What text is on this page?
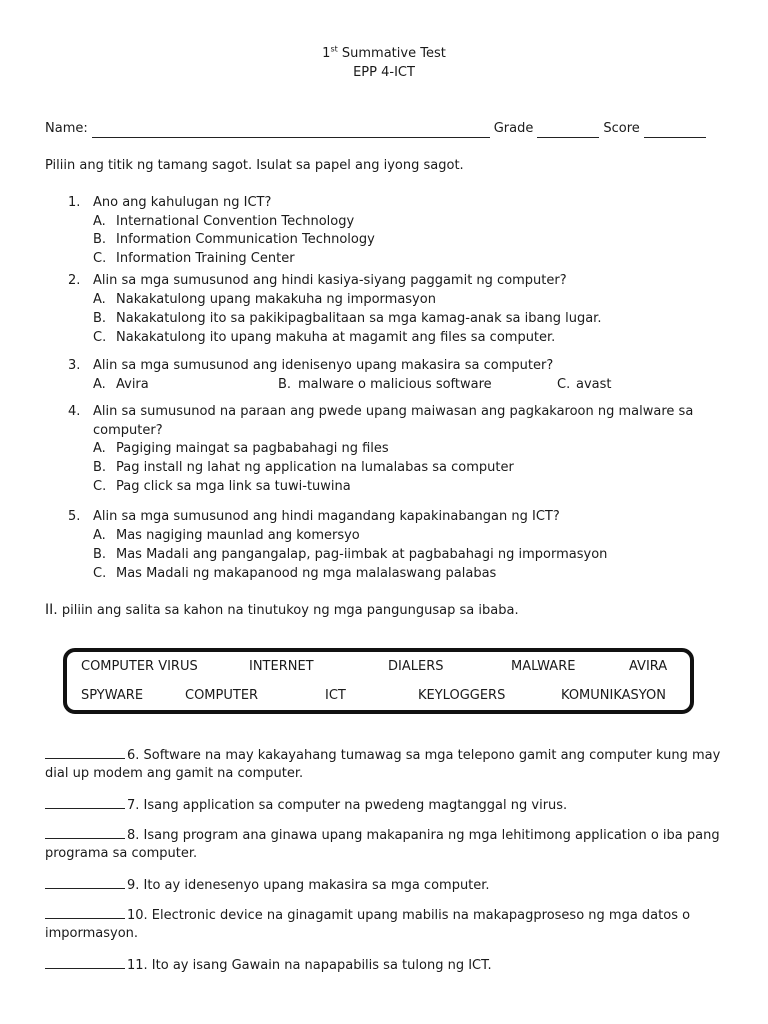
1st Summative Test
EPP 4-ICT
Name:	Grade	Score
Piliin ang titik ng tamang sagot. Isulat sa papel ang iyong sagot.
1. Ano ang kahulugan ng ICT?
A. International Convention Technology
B. Information Communication Technology
C. Information Training Center
2. Alin sa mga sumusunod ang hindi kasiya-siyang paggamit ng computer?
A. Nakakatulong upang makakuha ng impormasyon
B. Nakakatulong ito sa pakikipagbalitaan sa mga kamag-anak sa ibang lugar.
C. Nakakatulong ito upang makuha at magamit ang files sa computer.
3. Alin sa mga sumusunod ang idenisenyo upang makasira sa computer?
A. Avira	B. malware o malicious software	C. avast
4. Alin sa sumusunod na paraan ang pwede upang maiwasan ang pagkakaroon ng malware sa
computer?
A. Pagiging maingat sa pagbabahagi ng files
B. Pag install ng lahat ng application na lumalabas sa computer
C. Pag click sa mga link sa tuwi-tuwina
5. Alin sa mga sumusunod ang hindi magandang kapakinabangan ng ICT?
A. Mas nagiging maunlad ang komersyo
B. Mas Madali ang pangangalap, pag-iimbak at pagbabahagi ng impormasyon
C. Mas Madali ng makapanood ng mga malalaswang palabas
II. piliin ang salita sa kahon na tinutukoy ng mga pangungusap sa ibaba.
COMPUTER VIRUS	INTERNET	DIALERS	MALWARE	AVIRA
SPYWARE	COMPUTER	ICT	KEYLOGGERS	KOMUNIKASYON
6. Software na may kakayahang tumawag sa mga telepono gamit ang computer kung may
dial up modem ang gamit na computer.
7. Isang application sa computer na pwedeng magtanggal ng virus.
8. Isang program ana ginawa upang makapanira ng mga lehitimong application o iba pang
programa sa computer.
9. Ito ay idenesenyo upang makasira sa mga computer.
10. Electronic device na ginagamit upang mabilis na makapagproseso ng mga datos o
impormasyon.
11. Ito ay isang Gawain na napapabilis sa tulong ng ICT.
